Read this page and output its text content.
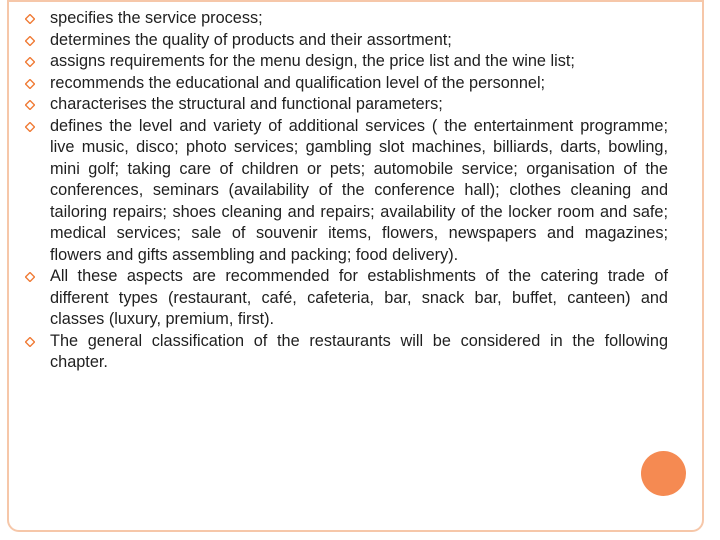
specifies the service process;
determines the quality of products and their assortment;
assigns requirements for the menu design, the price list and the wine list;
recommends the educational and qualification level of the personnel;
characterises the structural and functional parameters;
defines the level and variety of additional services ( the entertainment programme; live music, disco; photo services; gambling slot machines, billiards, darts, bowling, mini golf; taking care of children or pets; automobile service; organisation of the conferences, seminars (availability of the conference hall); clothes cleaning and tailoring repairs; shoes cleaning and repairs; availability of the locker room and safe; medical services; sale of souvenir items, flowers, newspapers and magazines; flowers and gifts assembling and packing; food delivery).
All these aspects are recommended for establishments of the catering trade of different types (restaurant, café, cafeteria, bar, snack bar, buffet, canteen) and classes (luxury, premium, first).
The general classification of the restaurants will be considered in the following chapter.
